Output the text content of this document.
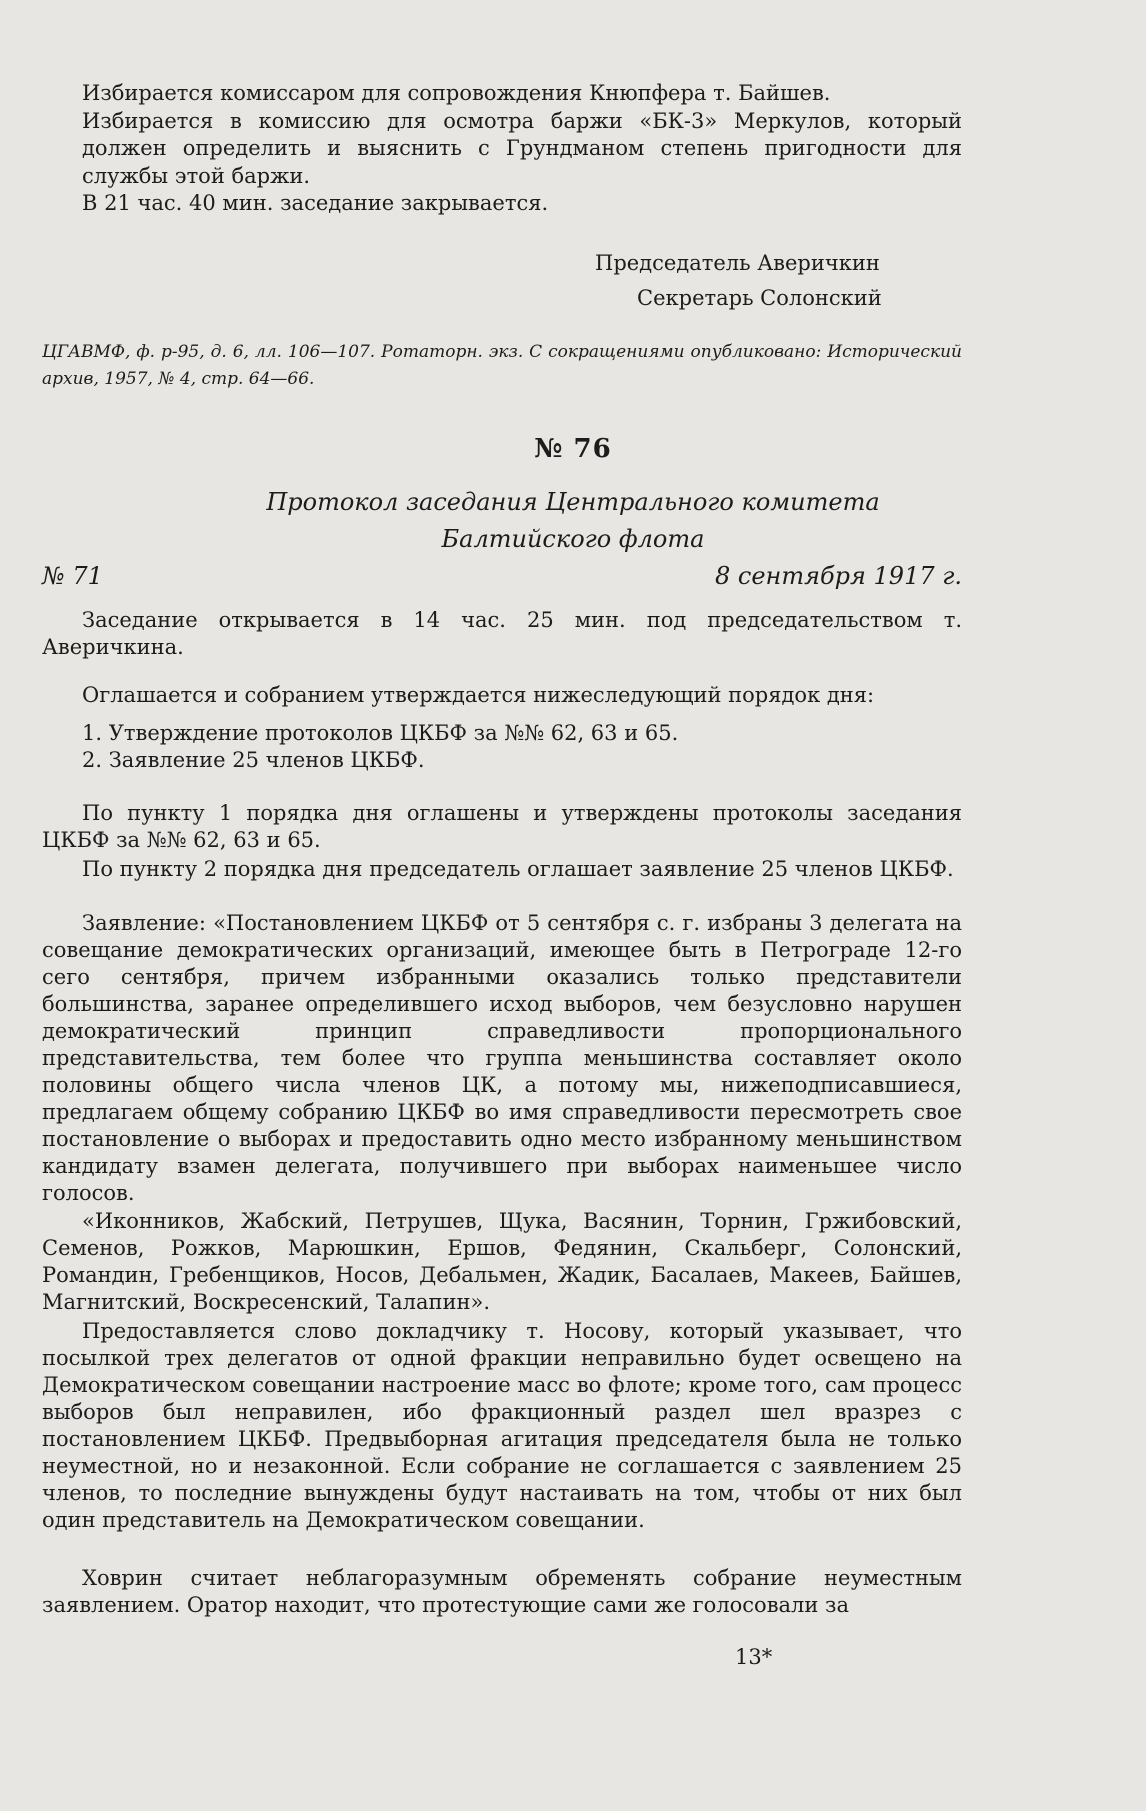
Избирается комиссаром для сопровождения Кнюпфера т. Байшев.

Избирается в комиссию для осмотра баржи «БК-3» Меркулов, который должен определить и выяснить с Грундманом степень пригодности для службы этой баржи.

В 21 час. 40 мин. заседание закрывается.

Председатель Аверичкин
Секретарь Солонский
ЦГАВМФ, ф. р-95, д. 6, лл. 106—107. Ротаторн. экз. С сокращениями опубликовано: Исторический архив, 1957, № 4, стр. 64—66.
№ 76
Протокол заседания Центрального комитета
Балтийского флота
№ 71	8 сентября 1917 г.
Заседание открывается в 14 час. 25 мин. под председательством т. Аверичкина.
Оглашается и собранием утверждается нижеследующий порядок дня:
1. Утверждение протоколов ЦКБФ за №№ 62, 63 и 65.
2. Заявление 25 членов ЦКБФ.
По пункту 1 порядка дня оглашены и утверждены протоколы заседания ЦКБФ за №№ 62, 63 и 65.
По пункту 2 порядка дня председатель оглашает заявление 25 членов ЦКБФ.
Заявление: «Постановлением ЦКБФ от 5 сентября с. г. избраны 3 делегата на совещание демократических организаций, имеющее быть в Петрограде 12-го сего сентября, причем избранными оказались только представители большинства, заранее определившего исход выборов, чем безусловно нарушен демократический принцип справедливости пропорционального представительства, тем более что группа меньшинства составляет около половины общего числа членов ЦК, а потому мы, нижеподписавшиеся, предлагаем общему собранию ЦКБФ во имя справедливости пересмотреть свое постановление о выборах и предоставить одно место избранному меньшинством кандидату взамен делегата, получившего при выборах наименьшее число голосов.
«Иконников, Жабский, Петрушев, Щука, Васянин, Торнин, Гржибовский, Семенов, Рожков, Марюшкин, Ершов, Федянин, Скальберг, Солонский, Романдин, Гребенщиков, Носов, Дебальмен, Жадик, Басалаев, Макеев, Байшев, Магнитский, Воскресенский, Талапин».
Предоставляется слово докладчику т. Носову, который указывает, что посылкой трех делегатов от одной фракции неправильно будет освещено на Демократическом совещании настроение масс во флоте; кроме того, сам процесс выборов был неправилен, ибо фракционный раздел шел вразрез с постановлением ЦКБФ. Предвыборная агитация председателя была не только неуместной, но и незаконной. Если собрание не соглашается с заявлением 25 членов, то последние вынуждены будут настаивать на том, чтобы от них был один представитель на Демократическом совещании.
Ховрин считает неблагоразумным обременять собрание неуместным заявлением. Оратор находит, что протестующие сами же голосовали за
13*
